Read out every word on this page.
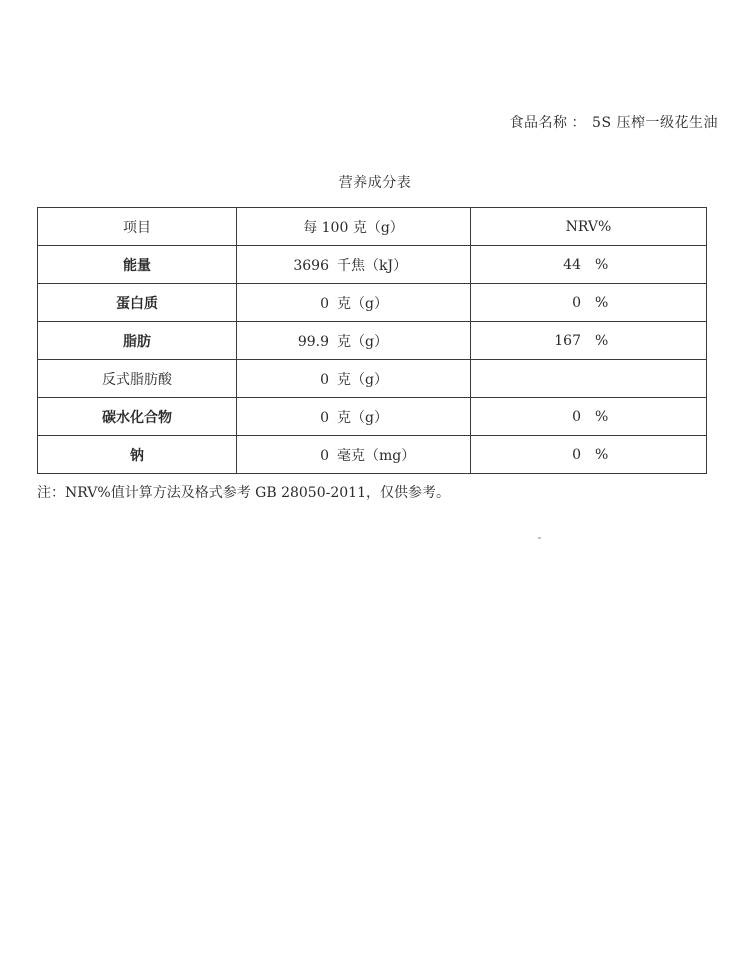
食品名称 ： 5S 压榨一级花生油
营养成分表
项目	每 100 克（g）	NRV%
能量	3696 千焦（kJ）	44 %
蛋白质	0 克（g）	0 %
脂肪	99.9 克（g）	167 %
反式脂肪酸	0 克（g）	
碳水化合物	0 克（g）	0 %
钠	0 毫克（mg）	0 %
注：NRV%值计算方法及格式参考 GB 28050-2011，仅供参考。
